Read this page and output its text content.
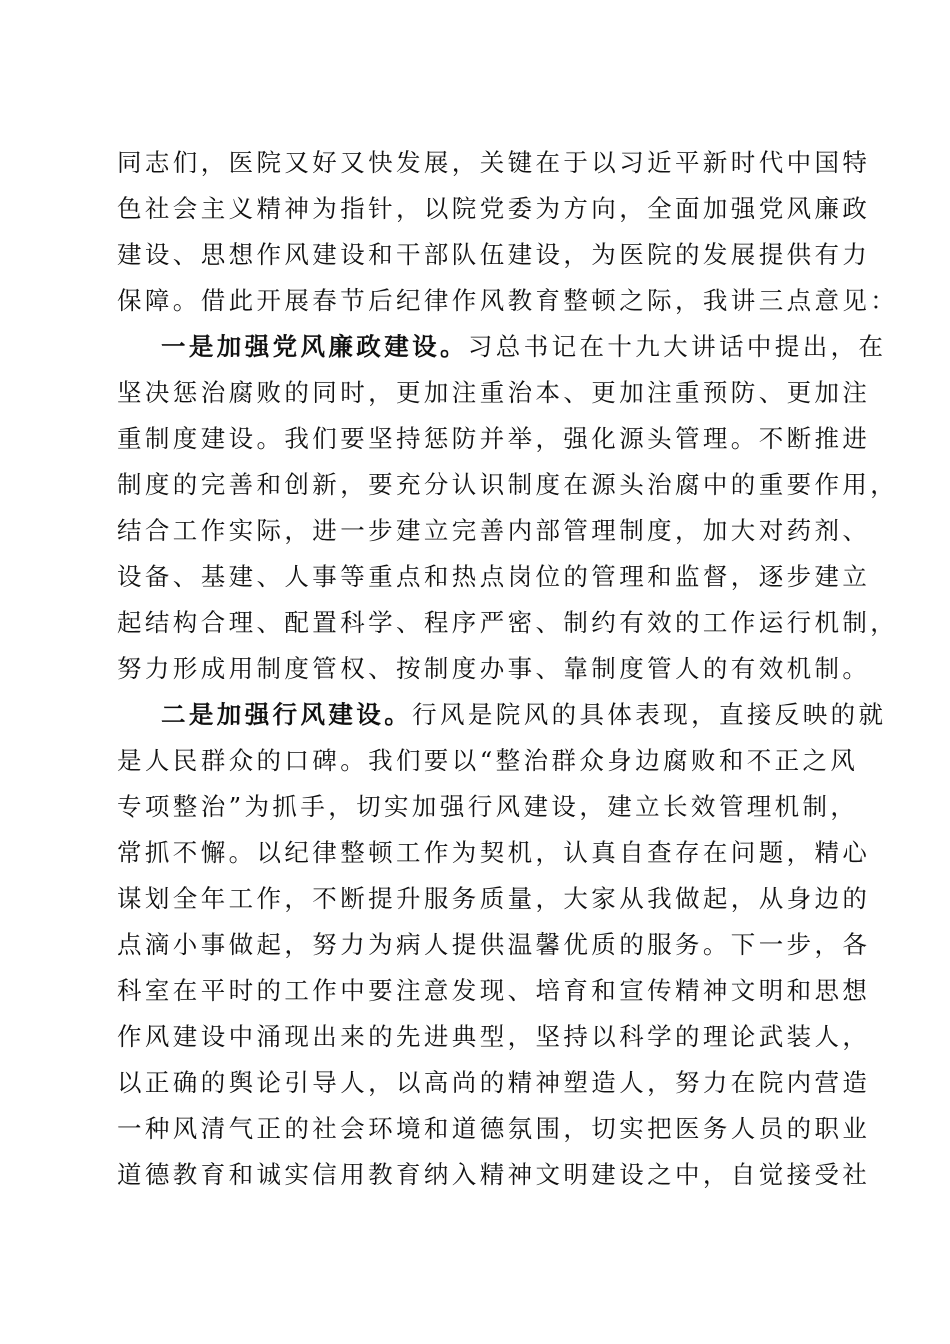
同志们，医院又好又快发展，关键在于以习近平新时代中国特
色社会主义精神为指针，以院党委为方向，全面加强党风廉政
建设、思想作风建设和干部队伍建设，为医院的发展提供有力
保障。借此开展春节后纪律作风教育整顿之际，我讲三点意见：
一是加强党风廉政建设。习总书记在十九大讲话中提出，在
坚决惩治腐败的同时，更加注重治本、更加注重预防、更加注
重制度建设。我们要坚持惩防并举，强化源头管理。不断推进
制度的完善和创新，要充分认识制度在源头治腐中的重要作用，
结合工作实际，进一步建立完善内部管理制度，加大对药剂、
设备、基建、人事等重点和热点岗位的管理和监督，逐步建立
起结构合理、配置科学、程序严密、制约有效的工作运行机制，
努力形成用制度管权、按制度办事、靠制度管人的有效机制。
二是加强行风建设。行风是院风的具体表现，直接反映的就
是人民群众的口碑。我们要以“整治群众身边腐败和不正之风
专项整治”为抓手，切实加强行风建设，建立长效管理机制，
常抓不懈。以纪律整顿工作为契机，认真自查存在问题，精心
谋划全年工作，不断提升服务质量，大家从我做起，从身边的
点滴小事做起，努力为病人提供温馨优质的服务。下一步，各
科室在平时的工作中要注意发现、培育和宣传精神文明和思想
作风建设中涌现出来的先进典型，坚持以科学的理论武装人，
以正确的舆论引导人，以高尚的精神塑造人，努力在院内营造
一种风清气正的社会环境和道德氛围，切实把医务人员的职业
道德教育和诚实信用教育纳入精神文明建设之中，自觉接受社
